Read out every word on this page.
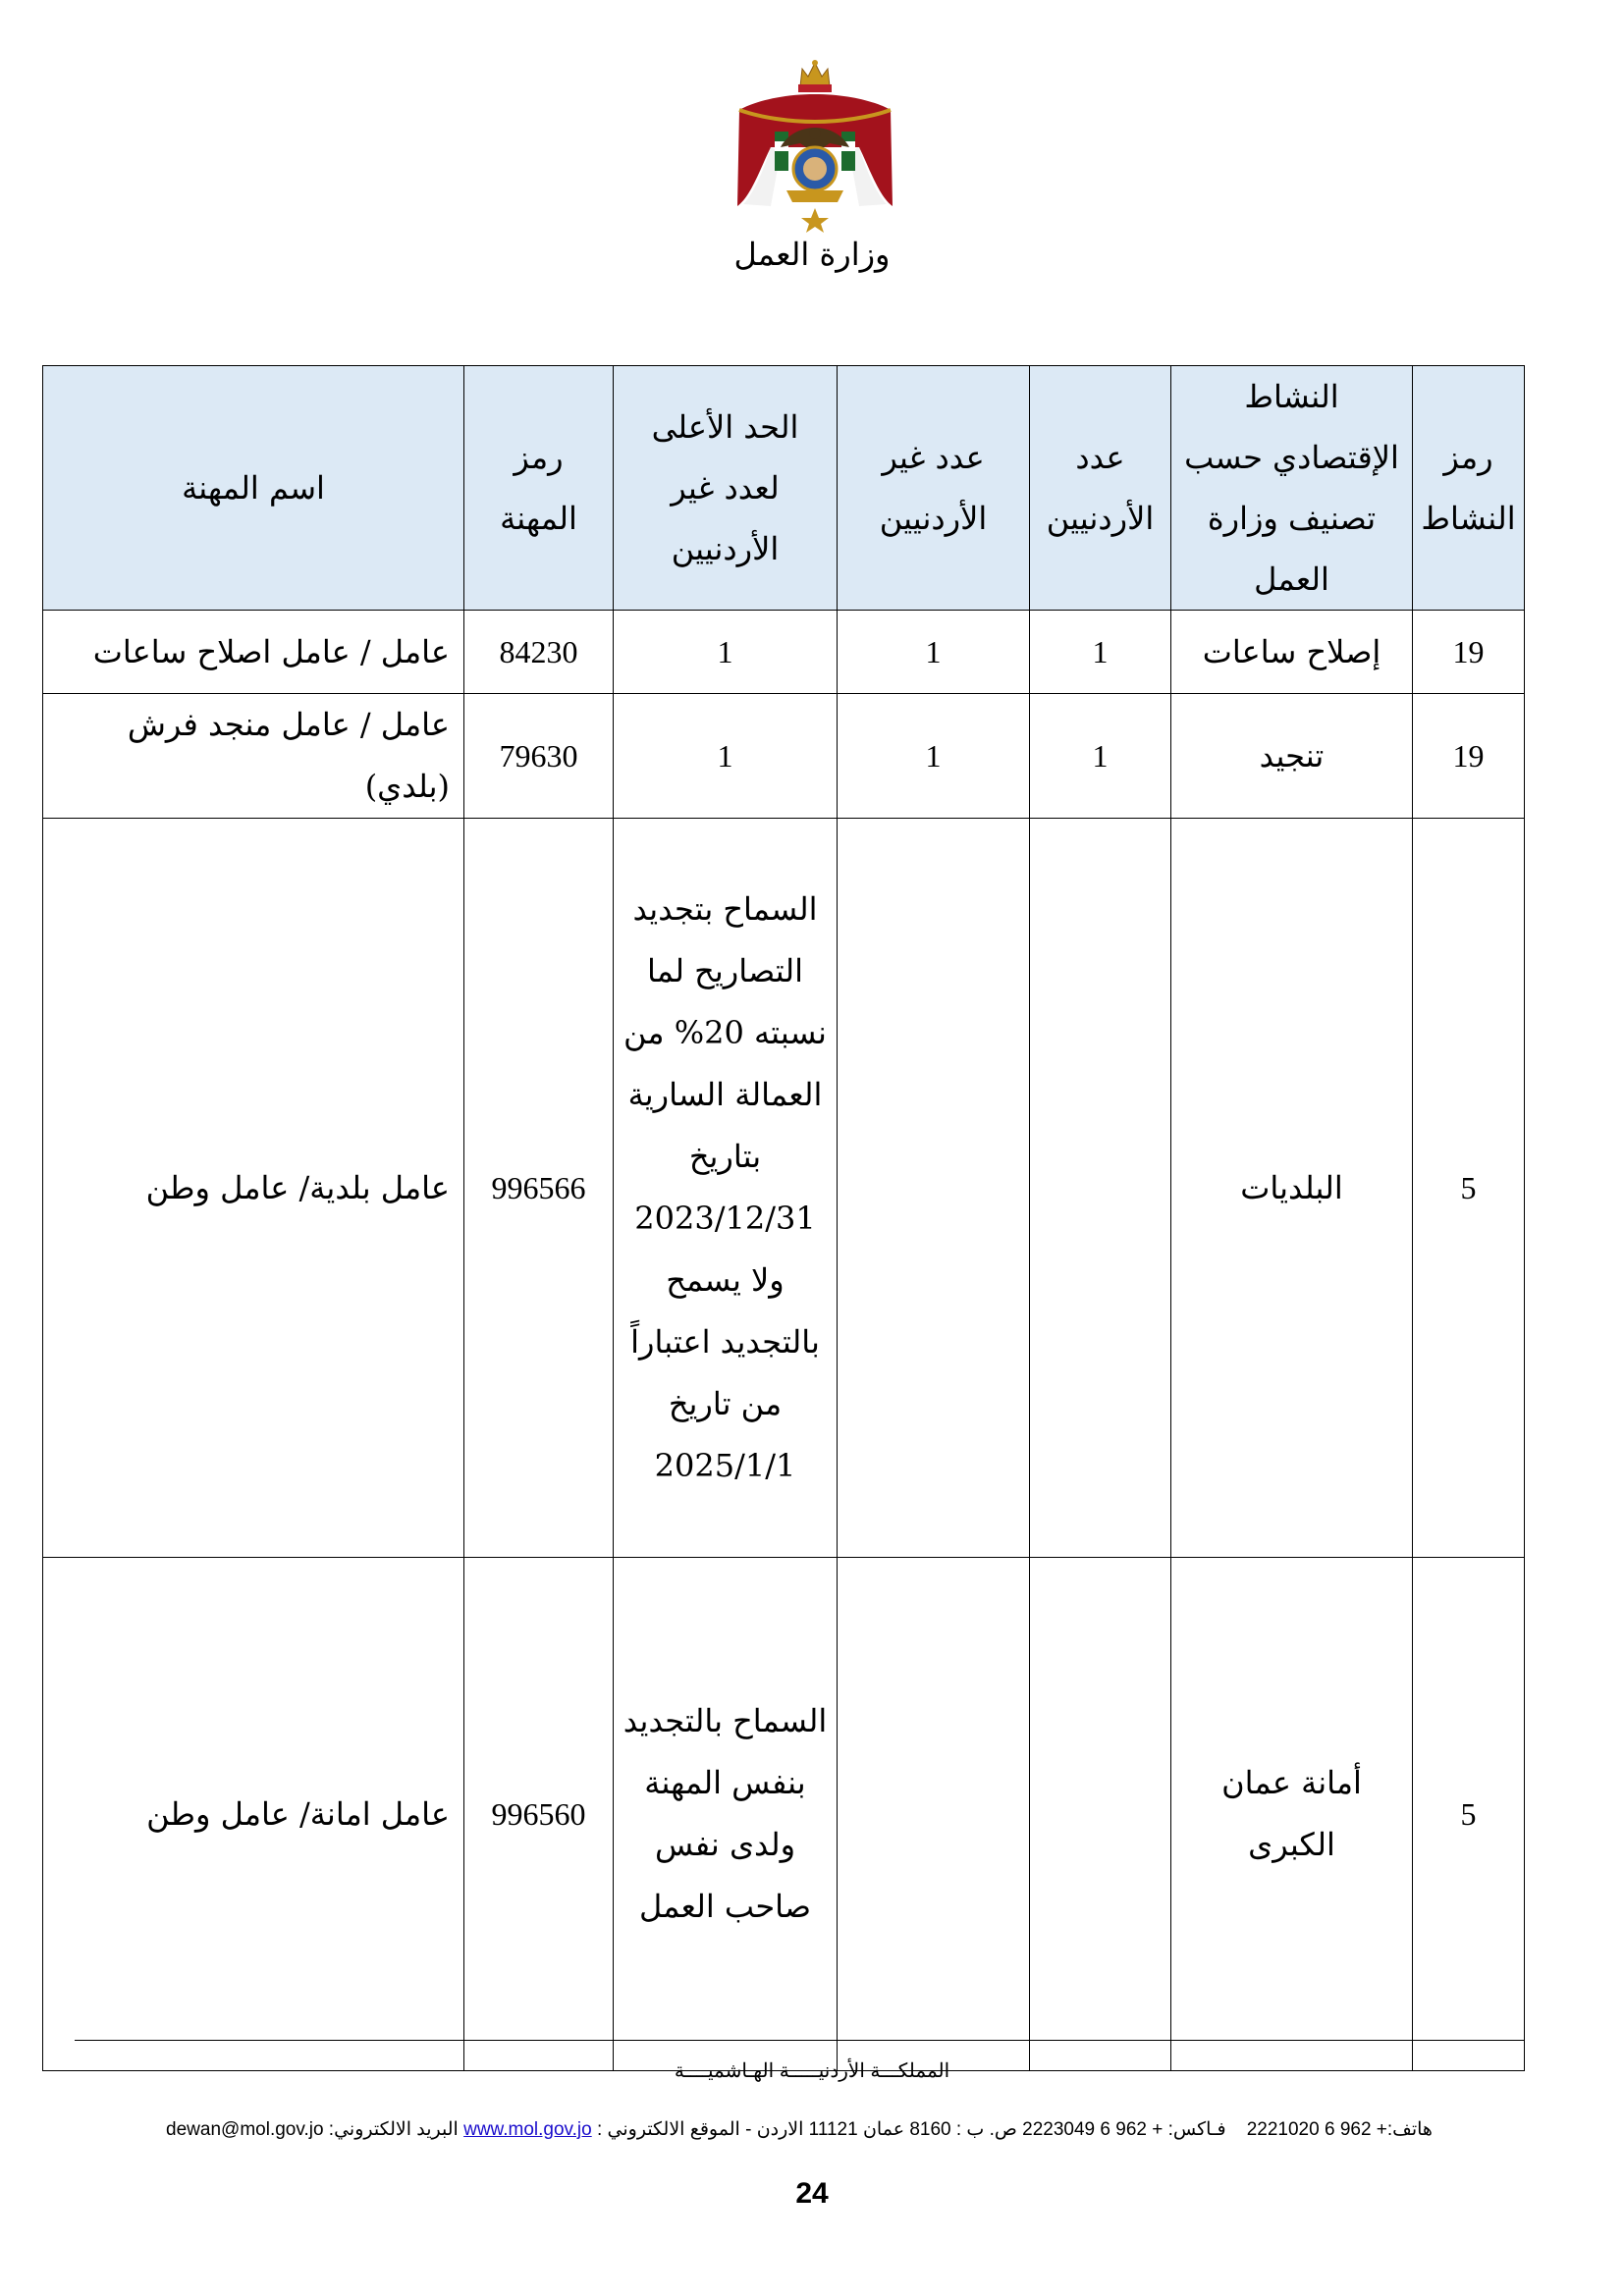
وزارة العمل
رمز النشاط	النشاط الإقتصادي حسب تصنيف وزارة العمل	عدد الأردنيين	عدد غير الأردنيين	الحد الأعلى لعدد غير الأردنيين	رمز المهنة	اسم المهنة
19	إصلاح ساعات	1	1	1	84230	عامل / عامل اصلاح ساعات
19	تنجيد	1	1	1	79630	عامل / عامل منجد فرش (بلدي)
5	البلديات			السماح بتجديد التصاريح لما نسبته 20% من العمالة السارية بتاريخ 2023/12/31 ولا يسمح بالتجديد اعتباراً من تاريخ 2025/1/1	996566	عامل بلدية/ عامل وطن
5	أمانة عمان الكبرى			السماح بالتجديد بنفس المهنة ولدى نفس صاحب العمل	996560	عامل امانة/ عامل وطن
المملكـــة الأردنيـــــة الهـاشميــــة
هاتف:+ 962 6 2221020    فـاكس: + 962 6 2223049 ص. ب : 8160 عمان 11121 الاردن - الموقع الالكتروني : www.mol.gov.jo البريد الالكتروني: dewan@mol.gov.jo
24
